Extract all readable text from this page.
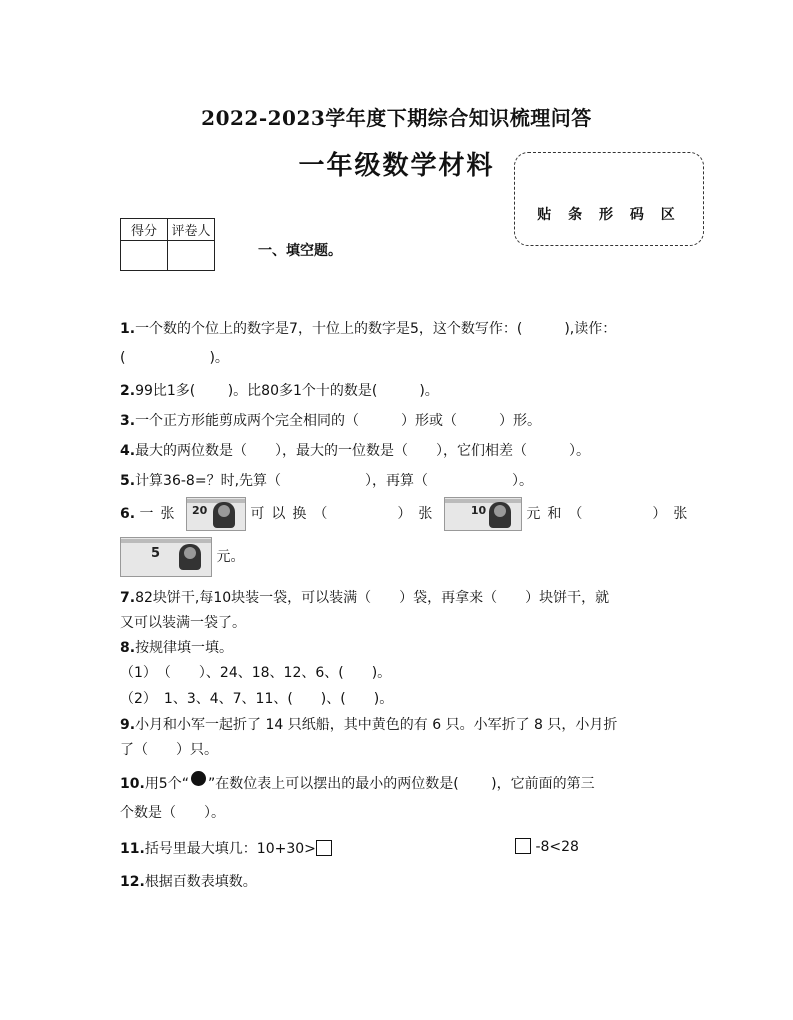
2022-2023学年度下期综合知识梳理问答
一年级数学材料
贴 条 形 码 区
得分	评卷人

一、填空题。
1.一个数的个位上的数字是7，十位上的数字是5，这个数写作：(　　　),读作：
(　　　　　　)。
2.99比1多(　　 )。比80多1个十的数是(　　　)。
3.一个正方形能剪成两个完全相同的（　　　）形或（　　　）形。
4.最大的两位数是（　　），最大的一位数是（　　），它们相差（　　　）。
5.计算36-8=？时,先算（　　　　　　），再算（　　　　　　）。
6. 一张 20	可以换（　　　）张	10	元和（　　　）张
5	元。
7.82块饼干,每10块装一袋，可以装满（　　）袋，再拿来（　　）块饼干，就
又可以装满一袋了。
8.按规律填一填。
（1）　（　　）、24、18、12、6、(　　)。
（2）　1、3、4、7、11、(　　)、(　　)。
9.小月和小军一起折了 14 只纸船，其中黄色的有 6 只。小军折了 8 只，小月折
了（　　）只。
10.用5个“ ”在数位表上可以摆出的最小的两位数是(　　 )，它前面的第三
个数是（　　）。
11.括号里最大填几：10+30>	-8<28
12.根据百数表填数。
